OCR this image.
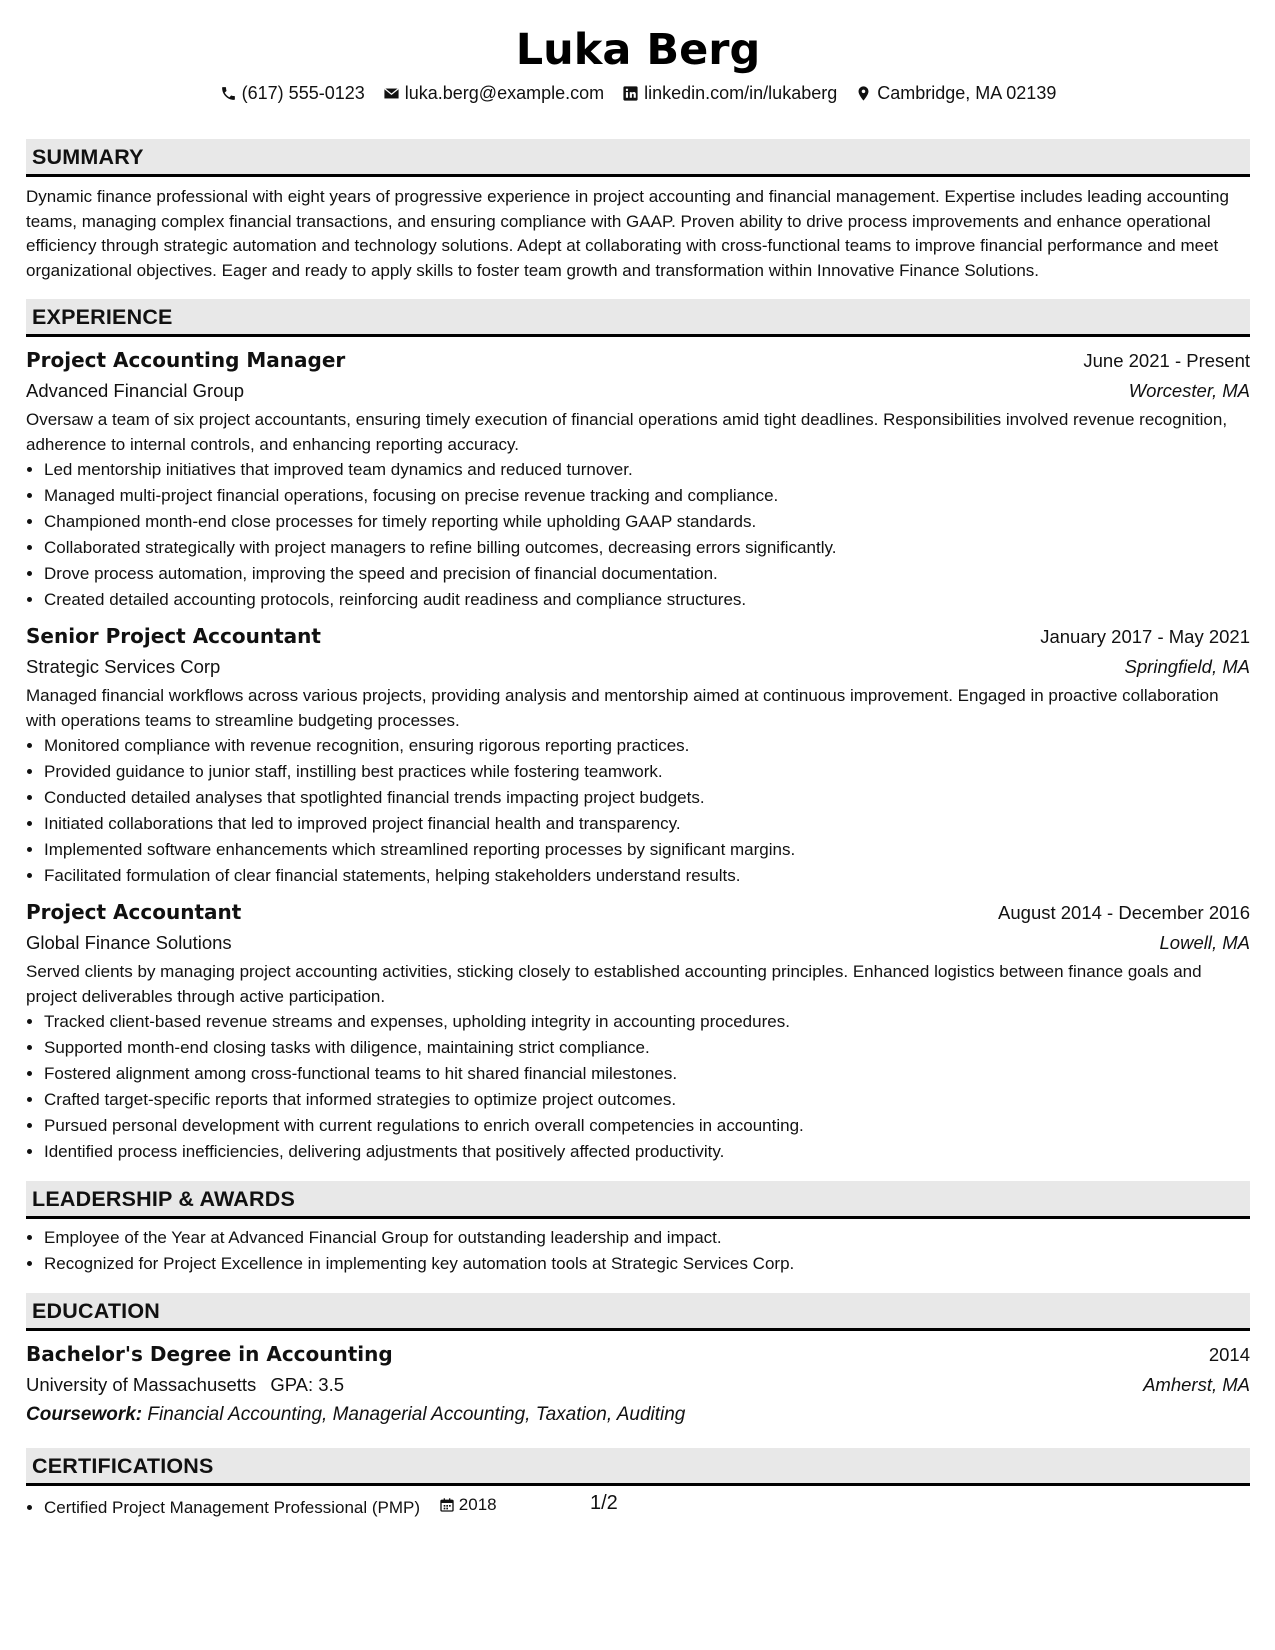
Luka Berg
(617) 555-0123 luka.berg@example.com linkedin.com/in/lukaberg Cambridge, MA 02139
SUMMARY
Dynamic finance professional with eight years of progressive experience in project accounting and financial management. Expertise includes leading accounting teams, managing complex financial transactions, and ensuring compliance with GAAP. Proven ability to drive process improvements and enhance operational efficiency through strategic automation and technology solutions. Adept at collaborating with cross-functional teams to improve financial performance and meet organizational objectives. Eager and ready to apply skills to foster team growth and transformation within Innovative Finance Solutions.
EXPERIENCE
Project Accounting Manager	June 2021 - Present
Advanced Financial Group	Worcester, MA
Oversaw a team of six project accountants, ensuring timely execution of financial operations amid tight deadlines. Responsibilities involved revenue recognition, adherence to internal controls, and enhancing reporting accuracy.
• Led mentorship initiatives that improved team dynamics and reduced turnover.
• Managed multi-project financial operations, focusing on precise revenue tracking and compliance.
• Championed month-end close processes for timely reporting while upholding GAAP standards.
• Collaborated strategically with project managers to refine billing outcomes, decreasing errors significantly.
• Drove process automation, improving the speed and precision of financial documentation.
• Created detailed accounting protocols, reinforcing audit readiness and compliance structures.
Senior Project Accountant	January 2017 - May 2021
Strategic Services Corp	Springfield, MA
Managed financial workflows across various projects, providing analysis and mentorship aimed at continuous improvement. Engaged in proactive collaboration with operations teams to streamline budgeting processes.
• Monitored compliance with revenue recognition, ensuring rigorous reporting practices.
• Provided guidance to junior staff, instilling best practices while fostering teamwork.
• Conducted detailed analyses that spotlighted financial trends impacting project budgets.
• Initiated collaborations that led to improved project financial health and transparency.
• Implemented software enhancements which streamlined reporting processes by significant margins.
• Facilitated formulation of clear financial statements, helping stakeholders understand results.
Project Accountant	August 2014 - December 2016
Global Finance Solutions	Lowell, MA
Served clients by managing project accounting activities, sticking closely to established accounting principles. Enhanced logistics between finance goals and project deliverables through active participation.
• Tracked client-based revenue streams and expenses, upholding integrity in accounting procedures.
• Supported month-end closing tasks with diligence, maintaining strict compliance.
• Fostered alignment among cross-functional teams to hit shared financial milestones.
• Crafted target-specific reports that informed strategies to optimize project outcomes.
• Pursued personal development with current regulations to enrich overall competencies in accounting.
• Identified process inefficiencies, delivering adjustments that positively affected productivity.
LEADERSHIP & AWARDS
• Employee of the Year at Advanced Financial Group for outstanding leadership and impact.
• Recognized for Project Excellence in implementing key automation tools at Strategic Services Corp.
EDUCATION
Bachelor's Degree in Accounting	2014
University of Massachusetts GPA: 3.5	Amherst, MA
Coursework: Financial Accounting, Managerial Accounting, Taxation, Auditing
CERTIFICATIONS
• Certified Project Management Professional (PMP) 2018	1/2
